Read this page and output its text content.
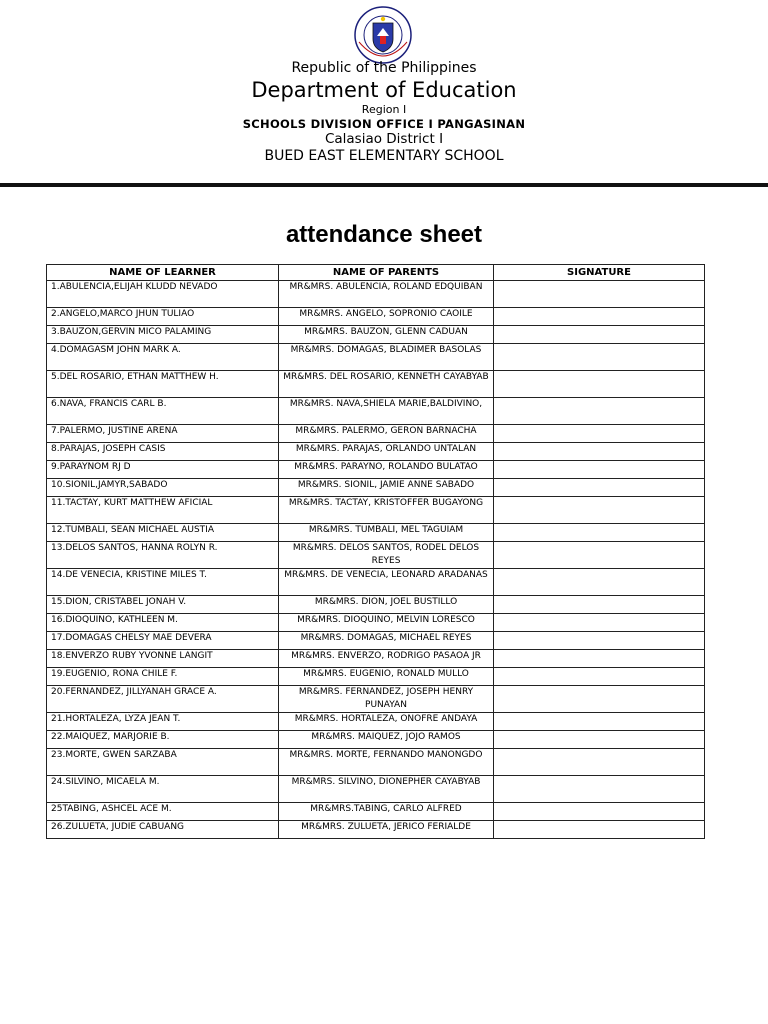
Republic of the Philippines
Department of Education
Region I
SCHOOLS DIVISION OFFICE I PANGASINAN
Calasiao District I
BUED EAST ELEMENTARY SCHOOL
attendance sheet
NAME OF LEARNER	NAME OF PARENTS	SIGNATURE
1.ABULENCIA,ELIJAH KLUDD NEVADO	MR&MRS. ABULENCIA, ROLAND EDQUIBAN	
2.ANGELO,MARCO JHUN TULIAO	MR&MRS. ANGELO, SOPRONIO CAOILE	
3.BAUZON,GERVIN MICO PALAMING	MR&MRS. BAUZON, GLENN CADUAN	
4.DOMAGASM JOHN MARK A.	MR&MRS. DOMAGAS, BLADIMER BASOLAS	
5.DEL ROSARIO, ETHAN MATTHEW H.	MR&MRS. DEL ROSARIO, KENNETH CAYABYAB	
6.NAVA, FRANCIS CARL B.	MR&MRS. NAVA,SHIELA MARIE,BALDIVINO,	
7.PALERMO, JUSTINE ARENA	MR&MRS. PALERMO, GERON BARNACHA	
8.PARAJAS, JOSEPH CASIS	MR&MRS. PARAJAS, ORLANDO UNTALAN	
9.PARAYNOM RJ D	MR&MRS. PARAYNO, ROLANDO BULATAO	
10.SIONIL,JAMYR,SABADO	MR&MRS. SIONIL, JAMIE ANNE SABADO	
11.TACTAY, KURT MATTHEW AFICIAL	MR&MRS. TACTAY, KRISTOFFER BUGAYONG	
12.TUMBALI, SEAN MICHAEL AUSTIA	MR&MRS. TUMBALI, MEL TAGUIAM	
13.DELOS SANTOS, HANNA ROLYN R.	MR&MRS. DELOS SANTOS, RODEL DELOS REYES	
14.DE VENECIA, KRISTINE MILES T.	MR&MRS. DE VENECIA, LEONARD ARADANAS	
15.DION, CRISTABEL JONAH V.	MR&MRS. DION, JOEL BUSTILLO	
16.DIOQUINO, KATHLEEN M.	MR&MRS. DIOQUINO, MELVIN LORESCO	
17.DOMAGAS CHELSY MAE DEVERA	MR&MRS. DOMAGAS, MICHAEL REYES	
18.ENVERZO RUBY YVONNE LANGIT	MR&MRS. ENVERZO, RODRIGO PASAOA JR	
19.EUGENIO, RONA CHILE F.	MR&MRS. EUGENIO, RONALD MULLO	
20.FERNANDEZ, JILLYANAH GRACE A.	MR&MRS. FERNANDEZ, JOSEPH HENRY PUNAYAN	
21.HORTALEZA, LYZA JEAN T.	MR&MRS. HORTALEZA, ONOFRE ANDAYA	
22.MAIQUEZ, MARJORIE B.	MR&MRS. MAIQUEZ, JOJO RAMOS	
23.MORTE, GWEN SARZABA	MR&MRS. MORTE, FERNANDO MANONGDO	
24.SILVINO, MICAELA M.	MR&MRS. SILVINO, DIONEPHER CAYABYAB	
25TABING, ASHCEL ACE M.	MR&MRS.TABING, CARLO ALFRED	
26.ZULUETA, JUDIE CABUANG	MR&MRS. ZULUETA, JERICO FERIALDE	
